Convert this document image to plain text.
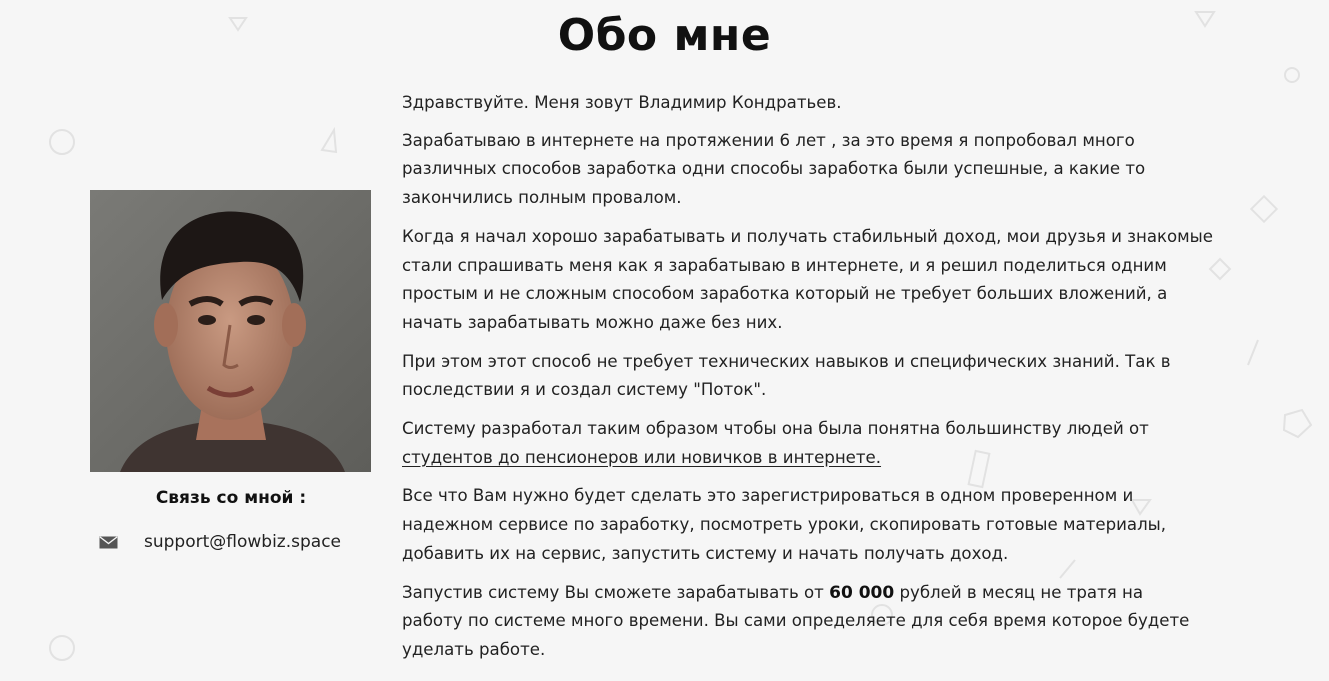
Обо мне
Связь со мной :
support@flowbiz.space

Здравствуйте. Меня зовут Владимир Кондратьев.

Зарабатываю в интернете на протяжении 6 лет , за это время я попробовал много
различных способов заработка одни способы заработка были успешные, а какие то
закончились полным провалом.

Когда я начал хорошо зарабатывать и получать стабильный доход, мои друзья и знакомые
стали спрашивать меня как я зарабатываю в интернете, и я решил поделиться одним
простым и не сложным способом заработка который не требует больших вложений, а
начать зарабатывать можно даже без них.

При этом этот способ не требует технических навыков и специфических знаний. Так в
последствии я и создал систему "Поток".

Систему разработал таким образом чтобы она была понятна большинству людей от
студентов до пенсионеров или новичков в интернете.

Все что Вам нужно будет сделать это зарегистрироваться в одном проверенном и
надежном сервисе по заработку, посмотреть уроки, скопировать готовые материалы,
добавить их на сервис, запустить систему и начать получать доход.

Запустив систему Вы сможете зарабатывать от 60 000 рублей в месяц не тратя на
работу по системе много времени. Вы сами определяете для себя время которое будете
уделать работе.
